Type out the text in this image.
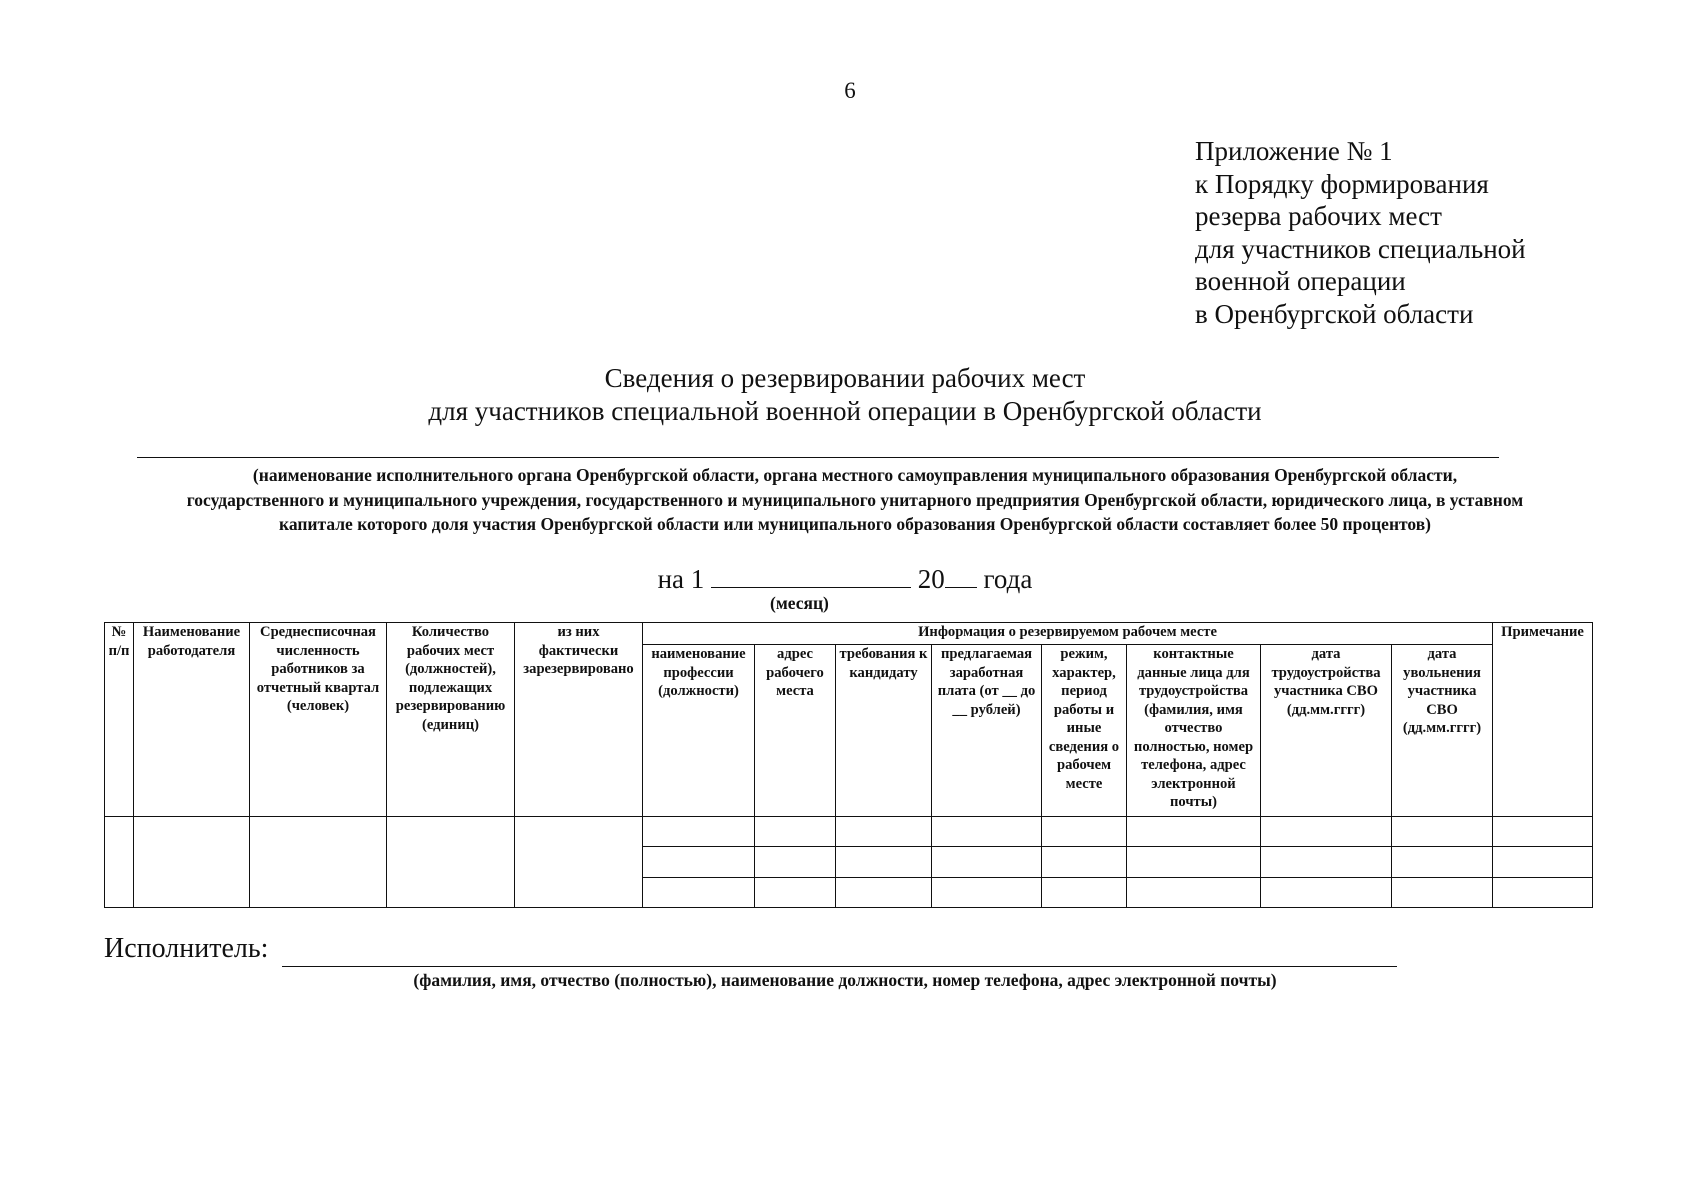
6
Приложение № 1
к Порядку формирования
резерва рабочих мест
для участников специальной
военной операции
в Оренбургской области
Сведения о резервировании рабочих мест
для участников специальной военной операции в Оренбургской области
(наименование исполнительного органа Оренбургской области, органа местного самоуправления муниципального образования Оренбургской области,
государственного и муниципального учреждения, государственного и муниципального унитарного предприятия Оренбургской области, юридического лица, в уставном
капитале которого доля участия Оренбургской области или муниципального образования Оренбургской области составляет более 50 процентов)
на 1	20 года
(месяц)
№ п/п	Наименование работодателя	Среднесписочная численность работников за отчетный квартал (человек)	Количество рабочих мест (должностей), подлежащих резервированию (единиц)	из них фактически зарезервировано	Информация о резервируемом рабочем месте								Примечание
					наименование профессии (должности)	адрес рабочего места	требования к кандидату	предлагаемая заработная плата (от __ до __ рублей)	режим, характер, период работы и иные сведения о рабочем месте	контактные данные лица для трудоустройства (фамилия, имя отчество полностью, номер телефона, адрес электронной почты)	дата трудоустройства участника СВО (дд.мм.гггг)	дата увольнения участника СВО (дд.мм.гггг)	

Исполнитель:
(фамилия, имя, отчество (полностью), наименование должности, номер телефона, адрес электронной почты)
